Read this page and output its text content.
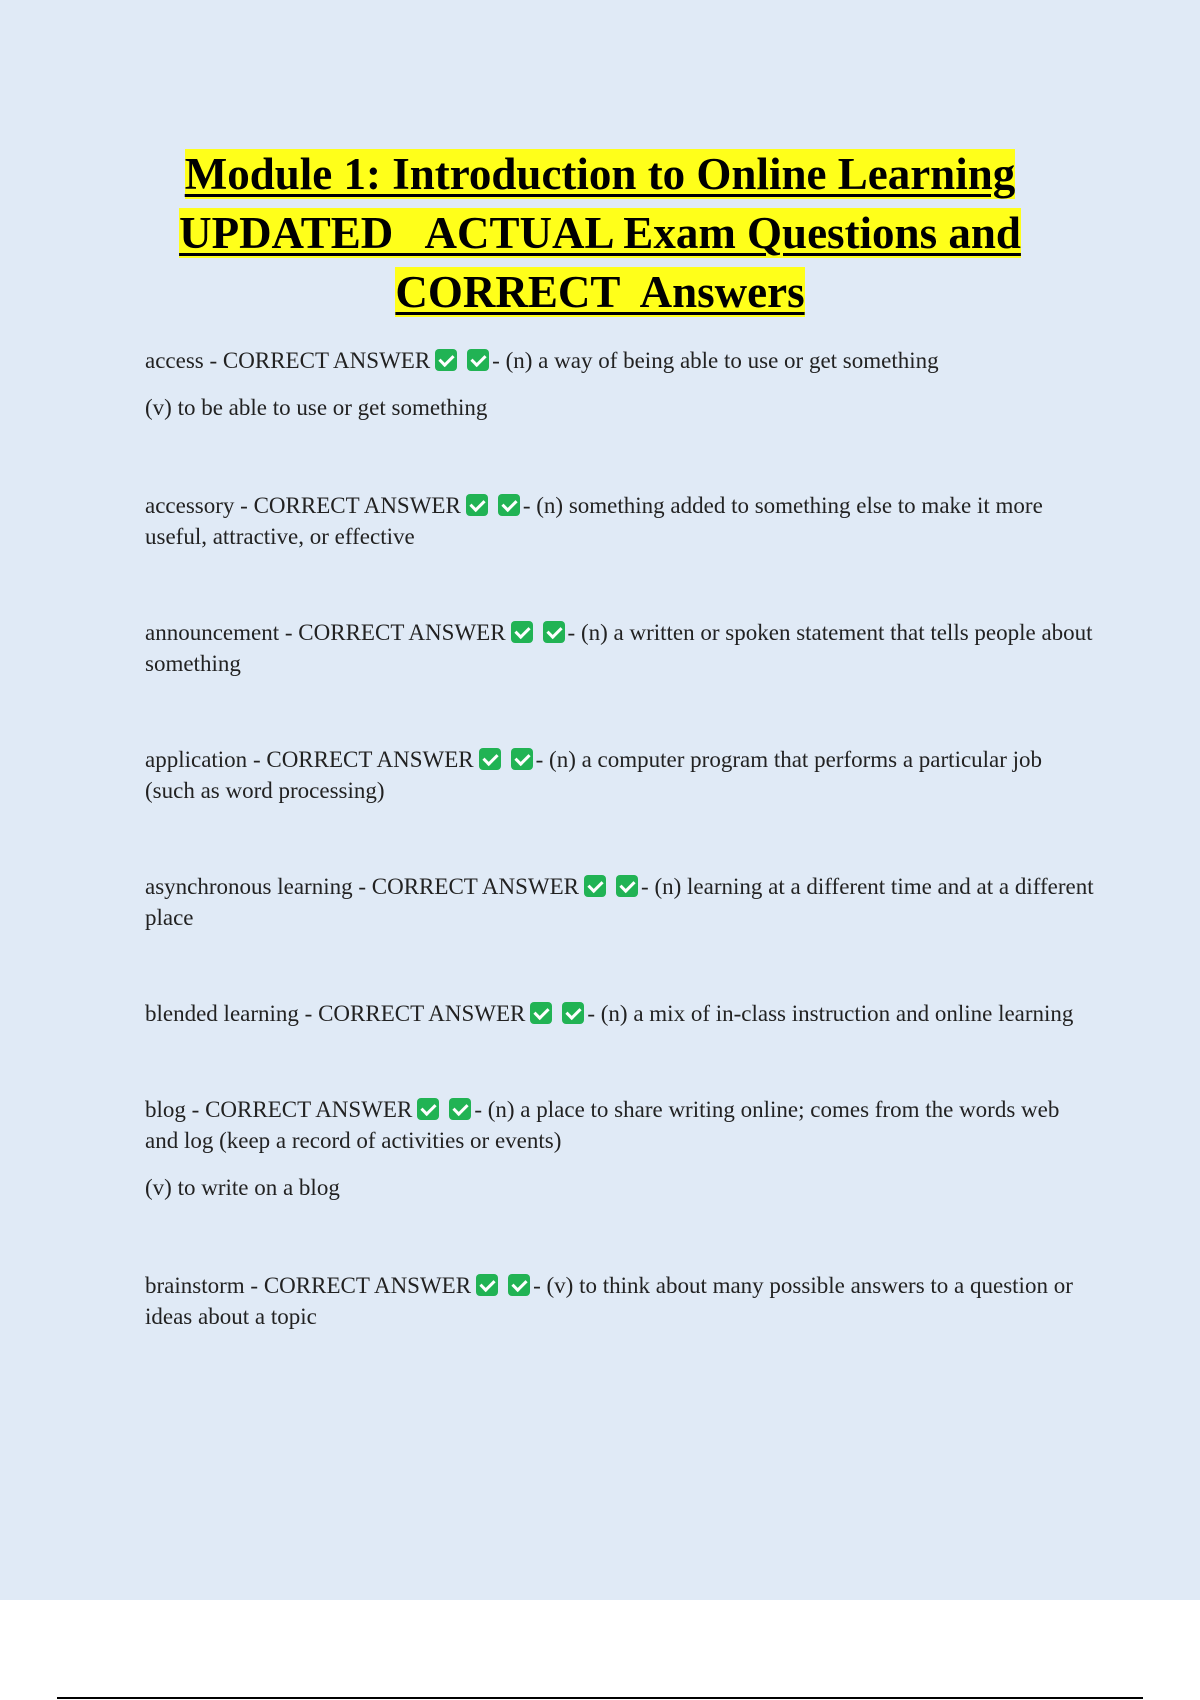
Module 1: Introduction to Online Learning
UPDATED   ACTUAL Exam Questions and
CORRECT  Answers

access - CORRECT ANSWER	- (n) a way of being able to use or get something

(v) to be able to use or get something

accessory - CORRECT ANSWER	- (n) something added to something else to make it more useful, attractive, or effective

announcement - CORRECT ANSWER	- (n) a written or spoken statement that tells people about something

application - CORRECT ANSWER	- (n) a computer program that performs a particular job (such as word processing)

asynchronous learning - CORRECT ANSWER	- (n) learning at a different time and at a different place

blended learning - CORRECT ANSWER	- (n) a mix of in-class instruction and online learning

blog - CORRECT ANSWER	- (n) a place to share writing online; comes from the words web and log (keep a record of activities or events)

(v) to write on a blog

brainstorm - CORRECT ANSWER	- (v) to think about many possible answers to a question or ideas about a topic
